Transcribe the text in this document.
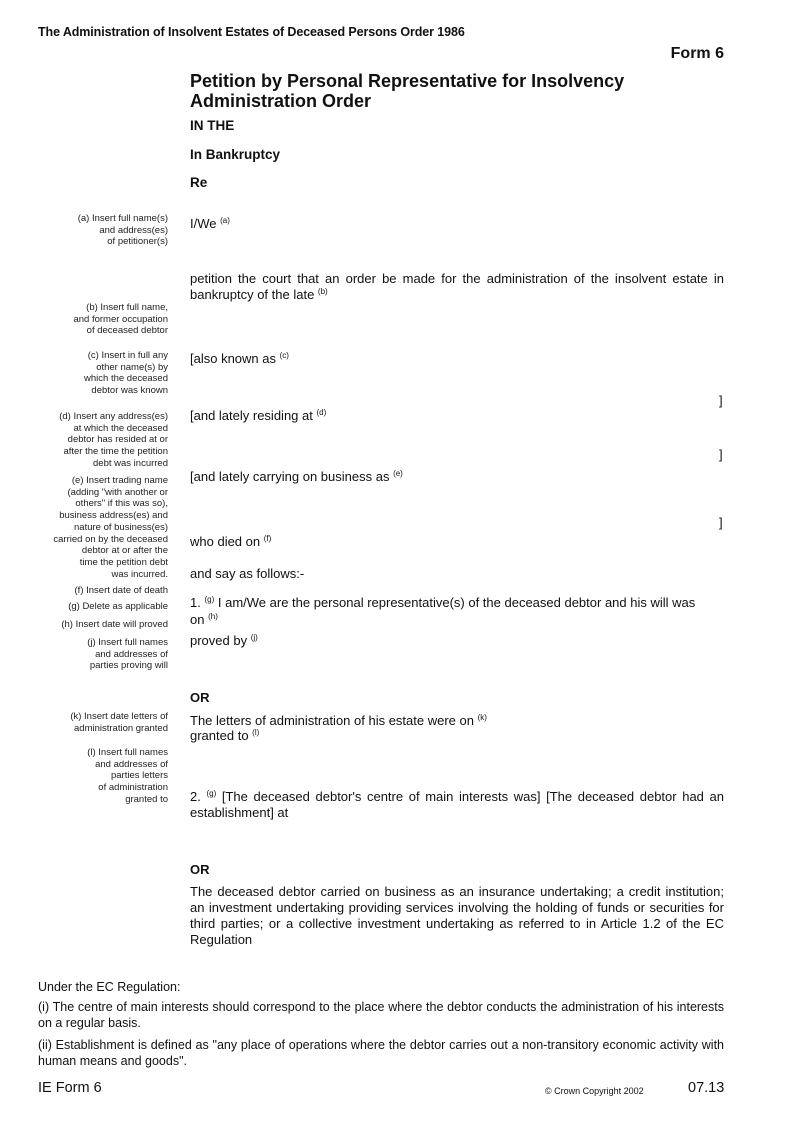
The Administration of Insolvent Estates of Deceased Persons Order 1986
Form 6
Petition by Personal Representative for Insolvency Administration Order
IN THE
In Bankruptcy
Re
(a) Insert full name(s)
and address(es)
of petitioner(s)
(b) Insert full name,
and former occupation
of deceased debtor
(c) Insert in full any
other name(s) by
which the deceased
debtor was known
(d) Insert any address(es)
at which the deceased
debtor has resided at or
after the time the petition
debt was incurred
(e) Insert trading name
(adding "with another or
others" if this was so),
business address(es) and
nature of business(es)
carried on by the deceased
debtor at or after the
time the petition debt
was incurred.
(f) Insert date of death
(g) Delete as applicable
(h) Insert date will proved
(j) Insert full names
and addresses of
parties proving will
(k) Insert date letters of
administration granted
(l) Insert full names
and addresses of
parties letters
of administration
granted to
I/We $^{(a)}$
petition the court that an order be made for the administration of the insolvent estate in bankruptcy of the late $^{(b)}$
[also known as $^{(c)}$
]
[and lately residing at $^{(d)}$
]
[and lately carrying on business as $^{(e)}$
]
who died on $^{(f)}$
and say as follows:-
1. $^{(g)}$ I am/We are the personal representative(s) of the deceased debtor and his will was
on $^{(h)}$
proved by $^{(j)}$
OR
The letters of administration of his estate were on $^{(k)}$
granted to $^{(l)}$
2. $^{(g)}$ [The deceased debtor's centre of main interests was] [The deceased debtor had an establishment] at
OR
The deceased debtor carried on business as an insurance undertaking; a credit institution; an investment undertaking providing services involving the holding of funds or securities for third parties; or a collective investment undertaking as referred to in Article 1.2 of the EC Regulation
Under the EC Regulation:
(i) The centre of main interests should correspond to the place where the debtor conducts the administration of his interests on a regular basis.
(ii) Establishment is defined as "any place of operations where the debtor carries out a non-transitory economic activity with human means and goods".
IE Form 6	© Crown Copyright 2002	07.13
